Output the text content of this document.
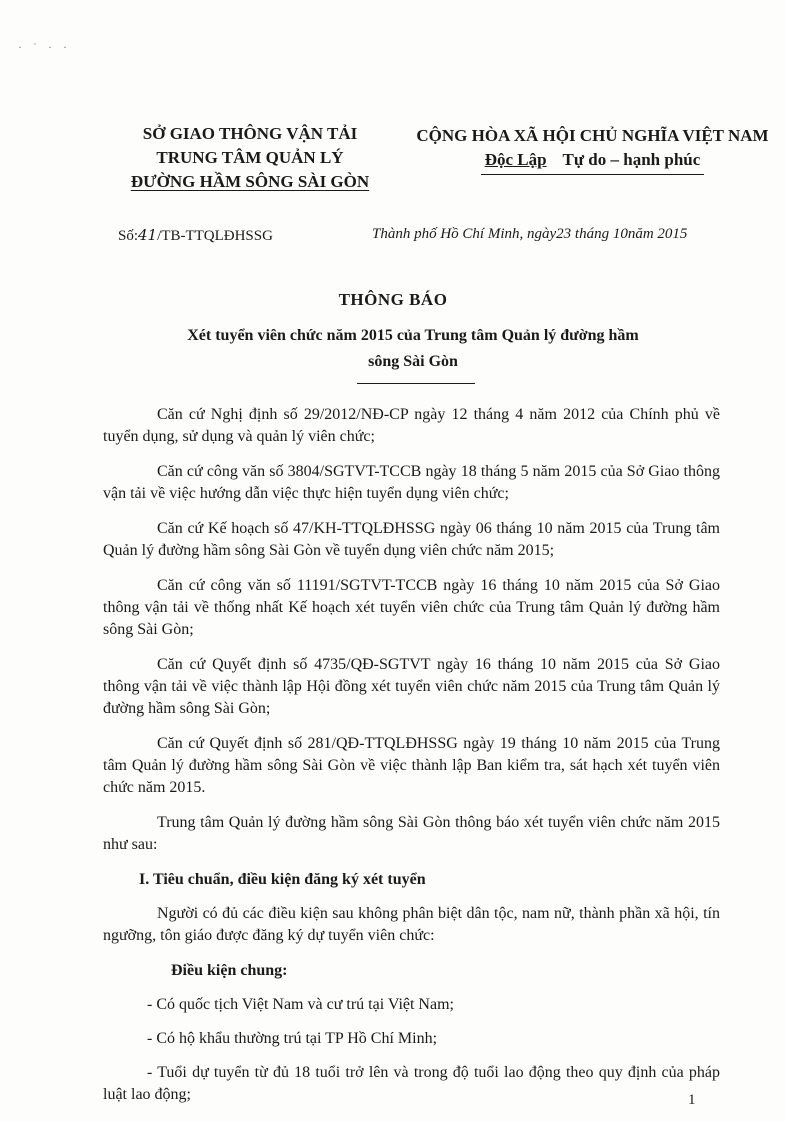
· ˙ · ·
SỞ GIAO THÔNG VẬN TẢI
TRUNG TÂM QUẢN LÝ
ĐƯỜNG HẦM SÔNG SÀI GÒN
CỘNG HÒA XÃ HỘI CHỦ NGHĨA VIỆT NAM
Độc Lập Tự do – hạnh phúc
Số:41/TB-TTQLĐHSSG	Thành phố Hồ Chí Minh, ngày23 tháng 10năm 2015
THÔNG BÁO
Xét tuyển viên chức năm 2015 của Trung tâm Quản lý đường hầm sông Sài Gòn

Căn cứ Nghị định số 29/2012/NĐ-CP ngày 12 tháng 4 năm 2012 của Chính phủ về tuyển dụng, sử dụng và quản lý viên chức;

Căn cứ công văn số 3804/SGTVT-TCCB ngày 18 tháng 5 năm 2015 của Sở Giao thông vận tải về việc hướng dẫn việc thực hiện tuyển dụng viên chức;

Căn cứ Kế hoạch số 47/KH-TTQLĐHSSG ngày 06 tháng 10 năm 2015 của Trung tâm Quản lý đường hầm sông Sài Gòn về tuyển dụng viên chức năm 2015;

Căn cứ công văn số 11191/SGTVT-TCCB ngày 16 tháng 10 năm 2015 của Sở Giao thông vận tải về thống nhất Kế hoạch xét tuyển viên chức của Trung tâm Quản lý đường hầm sông Sài Gòn;

Căn cứ Quyết định số 4735/QĐ-SGTVT ngày 16 tháng 10 năm 2015 của Sở Giao thông vận tải về việc thành lập Hội đồng xét tuyển viên chức năm 2015 của Trung tâm Quản lý đường hầm sông Sài Gòn;

Căn cứ Quyết định số 281/QĐ-TTQLĐHSSG ngày 19 tháng 10 năm 2015 của Trung tâm Quản lý đường hầm sông Sài Gòn về việc thành lập Ban kiểm tra, sát hạch xét tuyển viên chức năm 2015.

Trung tâm Quản lý đường hầm sông Sài Gòn thông báo xét tuyển viên chức năm 2015 như sau:

I. Tiêu chuẩn, điều kiện đăng ký xét tuyển

Người có đủ các điều kiện sau không phân biệt dân tộc, nam nữ, thành phần xã hội, tín ngưỡng, tôn giáo được đăng ký dự tuyển viên chức:

Điều kiện chung:

- Có quốc tịch Việt Nam và cư trú tại Việt Nam;

- Có hộ khẩu thường trú tại TP Hồ Chí Minh;

- Tuổi dự tuyển từ đủ 18 tuổi trở lên và trong độ tuổi lao động theo quy định của pháp luật lao động;	1
